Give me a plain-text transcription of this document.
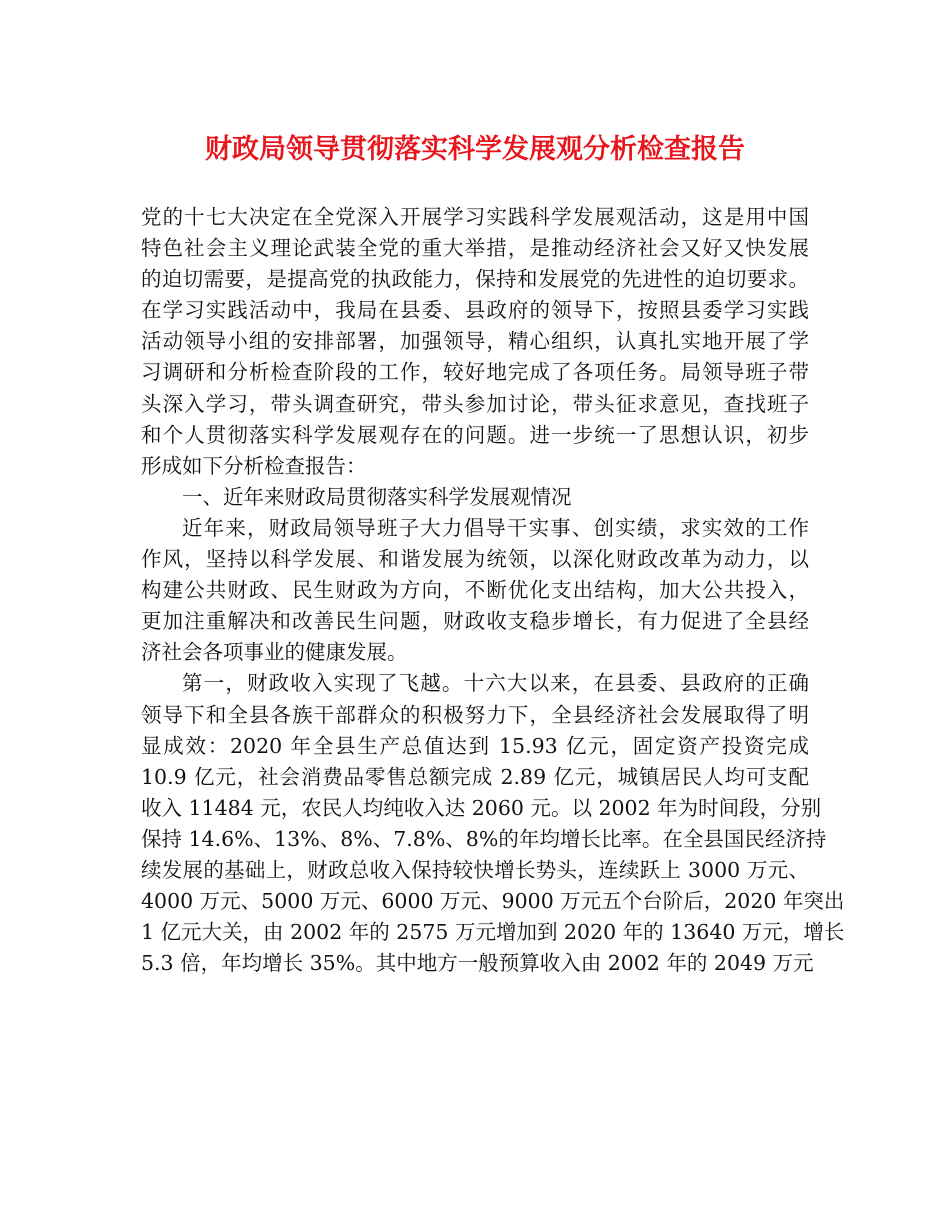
财政局领导贯彻落实科学发展观分析检查报告
党的十七大决定在全党深入开展学习实践科学发展观活动，这是用中国
特色社会主义理论武装全党的重大举措，是推动经济社会又好又快发展
的迫切需要，是提高党的执政能力，保持和发展党的先进性的迫切要求。
在学习实践活动中，我局在县委、县政府的领导下，按照县委学习实践
活动领导小组的安排部署，加强领导，精心组织，认真扎实地开展了学
习调研和分析检查阶段的工作，较好地完成了各项任务。局领导班子带
头深入学习，带头调查研究，带头参加讨论，带头征求意见，查找班子
和个人贯彻落实科学发展观存在的问题。进一步统一了思想认识，初步
形成如下分析检查报告：
一、近年来财政局贯彻落实科学发展观情况
近年来，财政局领导班子大力倡导干实事、创实绩，求实效的工作
作风，坚持以科学发展、和谐发展为统领，以深化财政改革为动力，以
构建公共财政、民生财政为方向，不断优化支出结构，加大公共投入，
更加注重解决和改善民生问题，财政收支稳步增长，有力促进了全县经
济社会各项事业的健康发展。
第一，财政收入实现了飞越。十六大以来，在县委、县政府的正确
领导下和全县各族干部群众的积极努力下，全县经济社会发展取得了明
显成效：2020 年全县生产总值达到 15.93 亿元，固定资产投资完成
10.9 亿元，社会消费品零售总额完成 2.89 亿元，城镇居民人均可支配
收入 11484 元，农民人均纯收入达 2060 元。以 2002 年为时间段，分别
保持 14.6%、13%、8%、7.8%、8%的年均增长比率。在全县国民经济持
续发展的基础上，财政总收入保持较快增长势头，连续跃上 3000 万元、
4000 万元、5000 万元、6000 万元、9000 万元五个台阶后，2020 年突出
1 亿元大关，由 2002 年的 2575 万元增加到 2020 年的 13640 万元，增长
5.3 倍，年均增长 35%。其中地方一般预算收入由 2002 年的 2049 万元
